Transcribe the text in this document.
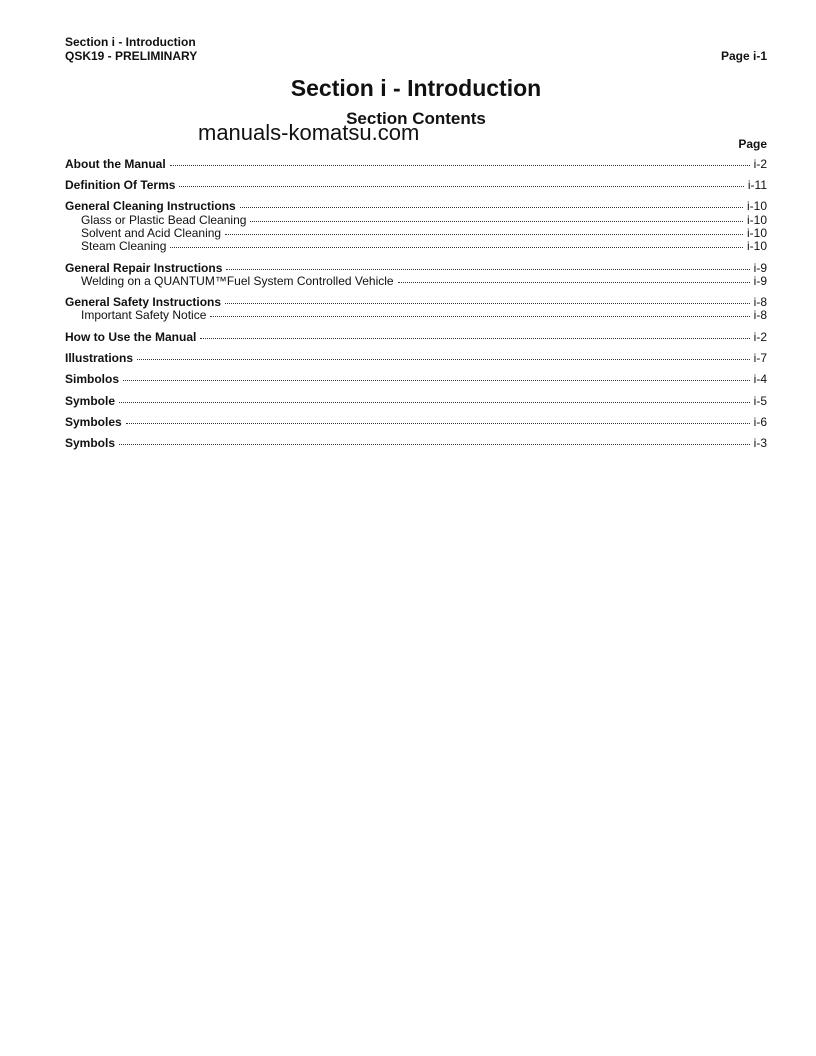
Section i - Introduction
QSK19 - PRELIMINARY	Page i-1
Section i - Introduction
Section Contents
manuals-komatsu.com	Page
About the Manual	i-2
Definition Of Terms	i-11
General Cleaning Instructions	i-10
Glass or Plastic Bead Cleaning	i-10
Solvent and Acid Cleaning	i-10
Steam Cleaning	i-10
General Repair Instructions	i-9
Welding on a QUANTUM™Fuel System Controlled Vehicle	i-9
General Safety Instructions	i-8
Important Safety Notice	i-8
How to Use the Manual	i-2
Illustrations	i-7
Simbolos	i-4
Symbole	i-5
Symboles	i-6
Symbols	i-3
